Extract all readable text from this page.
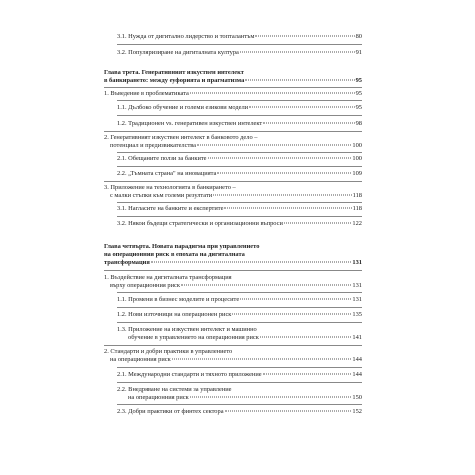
3.1. Нужда от дигитално лидерство и топталантъм	80
3.2. Популяризиране на дигиталната култура	91
Глава трета. Генеративният изкуствен интелект
в банкирането: между еуфорията и прагматизма	95
1. Въведение в проблематиката	95
1.1. Дълбоко обучение и големи езикови модели	95
1.2. Традиционен vs. генеративен изкуствен интелект	98
2. Генеративният изкуствен интелект в банковото дело –
потенциал и предизвикателства	100
2.1. Обещаните ползи за банките	100
2.2. „Тъмната страна" на иновацията	109
3. Приложение на технологията в банкирането –
с малки стъпки към големи резултати	118
3.1. Нагласите на банките и експертите	118
3.2. Някои бъдещи стратегически и организационни въпроси	122
Глава четвърта. Новата парадигма при управлението
на операционния риск в епохата на дигиталната
трансформация	131
1. Въздействие на дигиталната трансформация
върху операционния риск	131
1.1. Промени в бизнес моделите и процесите	131
1.2. Нови източници на операционен риск	135
1.3. Приложение на изкуствен интелект и машинно
обучение в управлението на операционния риск	141
2. Стандарти и добри практики в управлението
на операционния риск	144
2.1. Международни стандарти и тяхното приложение	144
2.2. Внедряване на системи за управление
на операционния риск	150
2.3. Добри практики от финтех сектора	152
